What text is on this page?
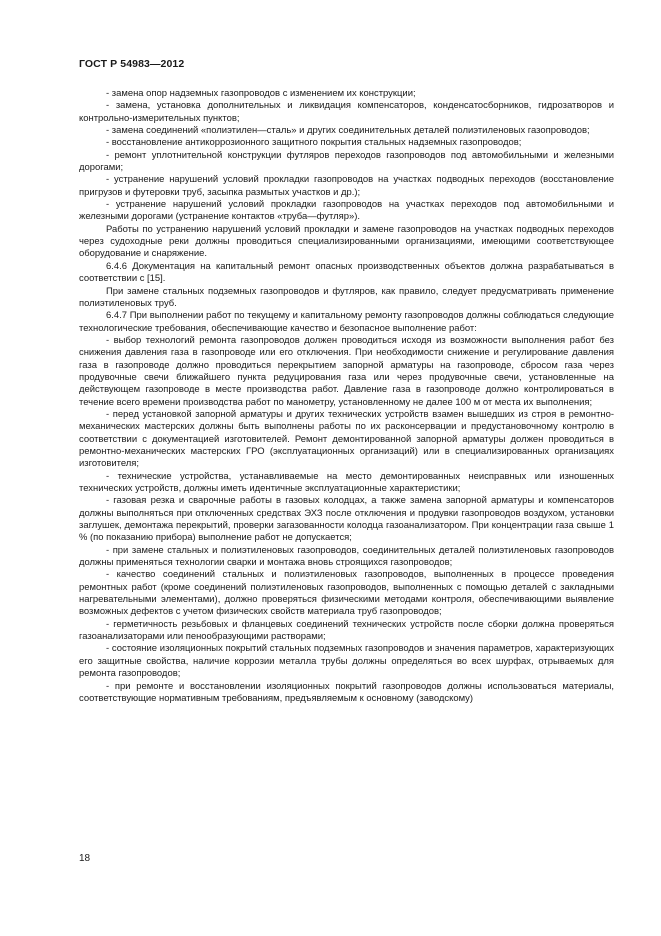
ГОСТ Р 54983—2012

- замена опор надземных газопроводов с изменением их конструкции;

- замена, установка дополнительных и ликвидация компенсаторов, конденсатосборников, гидрозатворов и контрольно-измерительных пунктов;

- замена соединений «полиэтилен—сталь» и других соединительных деталей полиэтиленовых газопроводов;

- восстановление антикоррозионного защитного покрытия стальных надземных газопроводов;

- ремонт уплотнительной конструкции футляров переходов газопроводов под автомобильными и железными дорогами;

- устранение нарушений условий прокладки газопроводов на участках подводных переходов (восстановление пригрузов и футеровки труб, засыпка размытых участков и др.);

- устранение нарушений условий прокладки газопроводов на участках переходов под автомобильными и железными дорогами (устранение контактов «труба—футляр»).

Работы по устранению нарушений условий прокладки и замене газопроводов на участках подводных переходов через судоходные реки должны проводиться специализированными организациями, имеющими соответствующее оборудование и снаряжение.

6.4.6 Документация на капитальный ремонт опасных производственных объектов должна разрабатываться в соответствии с [15].

При замене стальных подземных газопроводов и футляров, как правило, следует предусматривать применение полиэтиленовых труб.

6.4.7 При выполнении работ по текущему и капитальному ремонту газопроводов должны соблюдаться следующие технологические требования, обеспечивающие качество и безопасное выполнение работ:

- выбор технологий ремонта газопроводов должен проводиться исходя из возможности выполнения работ без снижения давления газа в газопроводе или его отключения. При необходимости снижение и регулирование давления газа в газопроводе должно проводиться перекрытием запорной арматуры на газопроводе, сбросом газа через продувочные свечи ближайшего пункта редуцирования газа или через продувочные свечи, установленные на действующем газопроводе в месте производства работ. Давление газа в газопроводе должно контролироваться в течение всего времени производства работ по манометру, установленному не далее 100 м от места их выполнения;

- перед установкой запорной арматуры и других технических устройств взамен вышедших из строя в ремонтно-механических мастерских должны быть выполнены работы по их расконсервации и предустановочному контролю в соответствии с документацией изготовителей. Ремонт демонтированной запорной арматуры должен проводиться в ремонтно-механических мастерских ГРО (эксплуатационных организаций) или в специализированных организациях изготовителя;

- технические устройства, устанавливаемые на место демонтированных неисправных или изношенных технических устройств, должны иметь идентичные эксплуатационные характеристики;

- газовая резка и сварочные работы в газовых колодцах, а также замена запорной арматуры и компенсаторов должны выполняться при отключенных средствах ЭХЗ после отключения и продувки газопроводов воздухом, установки заглушек, демонтажа перекрытий, проверки загазованности колодца газоанализатором. При концентрации газа свыше 1 % (по показанию прибора) выполнение работ не допускается;

- при замене стальных и полиэтиленовых газопроводов, соединительных деталей полиэтиленовых газопроводов должны применяться технологии сварки и монтажа вновь строящихся газопроводов;

- качество соединений стальных и полиэтиленовых газопроводов, выполненных в процессе проведения ремонтных работ (кроме соединений полиэтиленовых газопроводов, выполненных с помощью деталей с закладными нагревательными элементами), должно проверяться физическими методами контроля, обеспечивающими выявление возможных дефектов с учетом физических свойств материала труб газопроводов;

- герметичность резьбовых и фланцевых соединений технических устройств после сборки должна проверяться газоанализаторами или пенообразующими растворами;

- состояние изоляционных покрытий стальных подземных газопроводов и значения параметров, характеризующих его защитные свойства, наличие коррозии металла трубы должны определяться во всех шурфах, отрываемых для ремонта газопроводов;

- при ремонте и восстановлении изоляционных покрытий газопроводов должны использоваться материалы, соответствующие нормативным требованиям, предъявляемым к основному (заводскому)

18
